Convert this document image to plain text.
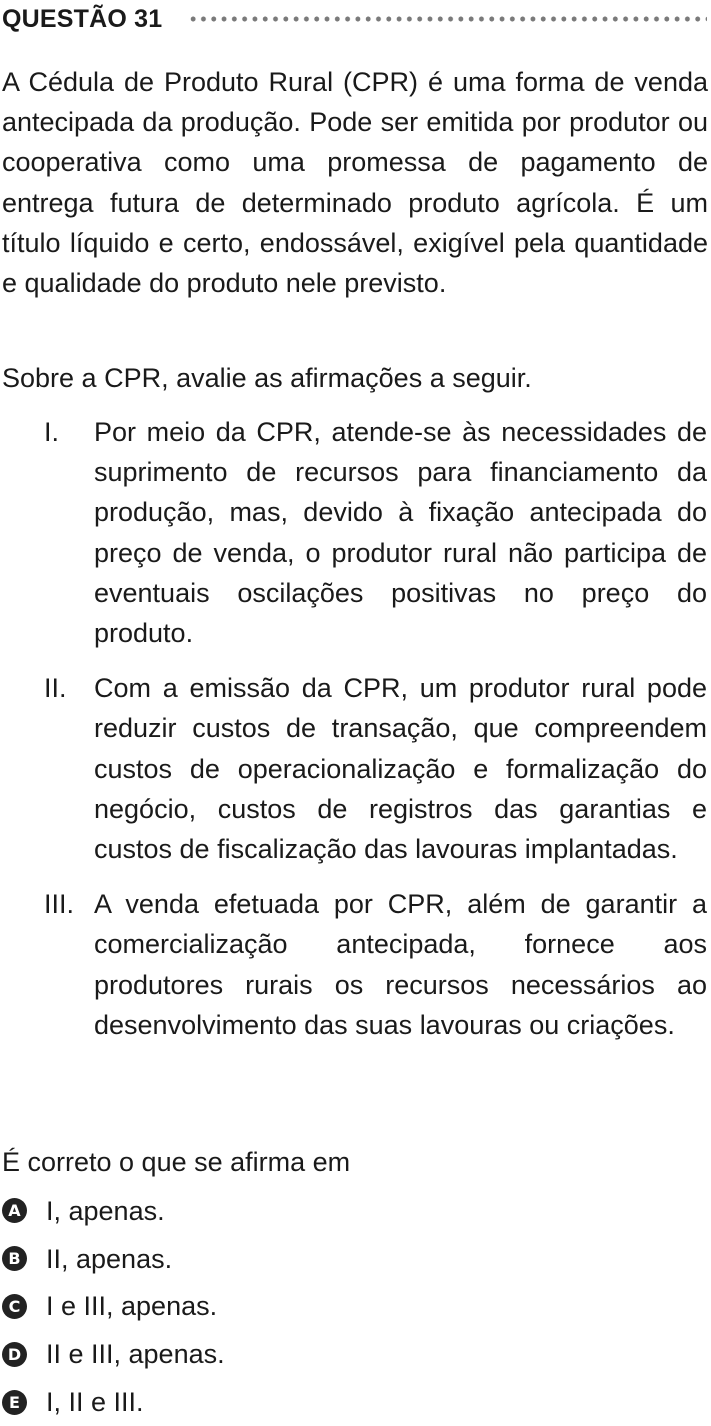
QUESTÃO 31
A Cédula de Produto Rural (CPR) é uma forma de venda antecipada da produção. Pode ser emitida por produtor ou cooperativa como uma promessa de pagamento de entrega futura de determinado produto agrícola. É um título líquido e certo, endossável, exigível pela quantidade e qualidade do produto nele previsto.
Sobre a CPR, avalie as afirmações a seguir.
I. Por meio da CPR, atende-se às necessidades de suprimento de recursos para financiamento da produção, mas, devido à fixação antecipada do preço de venda, o produtor rural não participa de eventuais oscilações positivas no preço do produto.
II. Com a emissão da CPR, um produtor rural pode reduzir custos de transação, que compreendem custos de operacionalização e formalização do negócio, custos de registros das garantias e custos de fiscalização das lavouras implantadas.
III. A venda efetuada por CPR, além de garantir a comercialização antecipada, fornece aos produtores rurais os recursos necessários ao desenvolvimento das suas lavouras ou criações.
É correto o que se afirma em
A I, apenas.
B II, apenas.
C I e III, apenas.
D II e III, apenas.
E I, II e III.
